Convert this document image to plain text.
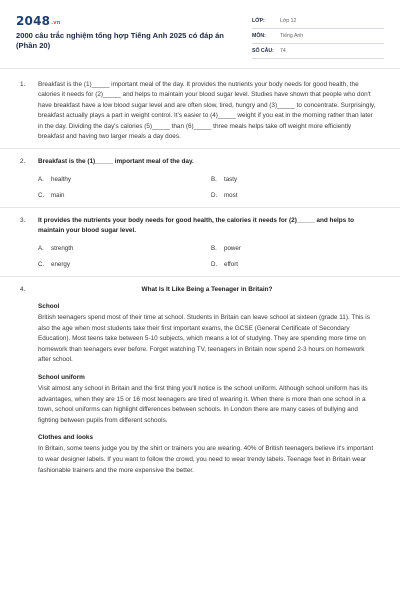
2048.vn
2000 câu trắc nghiệm tổng hợp Tiếng Anh 2025 có đáp án
(Phần 20)
LỚP:	Lớp 12
MÔN:	Tiếng Anh
SỐ CÂU:	74
1.	Breakfast is the (1)_____ important meal of the day. It provides the nutrients your body needs for good health, the calories it needs for (2)_____ and helps to maintain your blood sugar level. Studies have shown that people who don't have breakfast have a low blood sugar level and are often slow, tired, hungry and (3)_____ to concentrate. Surprisingly, breakfast actually plays a part in weight control. It's easier to (4)_____ weight if you eat in the morning rather than later in the day. Dividing the day's calories (5)_____ than (6)_____ three meals helps take off weight more efficiently breakfast and having two larger meals a day does.
2.	Breakfast is the (1)_____ important meal of the day.
A. healthy	B. tasty
C. main	D. most
3.	It provides the nutrients your body needs for good health, the calories it needs for (2)_____ and helps to maintain your blood sugar level.
A. strength	B. power
C. energy	D. effort
4.	What Is It Like Being a Teenager in Britain?
School
British teenagers spend most of their time at school. Students in Britain can leave school at sixteen (grade 11). This is also the age when most students take their first important exams, the GCSE (General Certificate of Secondary Education). Most teens take between 5-10 subjects, which means a lot of studying. They are spending more time on homework than teenagers ever before. Forget watching TV, teenagers in Britain now spend 2-3 hours on homework after school.
School uniform
Visit almost any school in Britain and the first thing you'll notice is the school uniform. Although school uniform has its advantages, when they are 15 or 16 most teenagers are tired of wearing it. When there is more than one school in a town, school uniforms can highlight differences between schools. In London there are many cases of bullying and fighting between pupils from different schools.
Clothes and looks
In Britain, some teens judge you by the shirt or trainers you are wearing. 40% of British teenagers believe it's important to wear designer labels. If you want to follow the crowd, you need to wear trendy labels. Teenage feet in Britain wear fashionable trainers and the more expensive the better.
